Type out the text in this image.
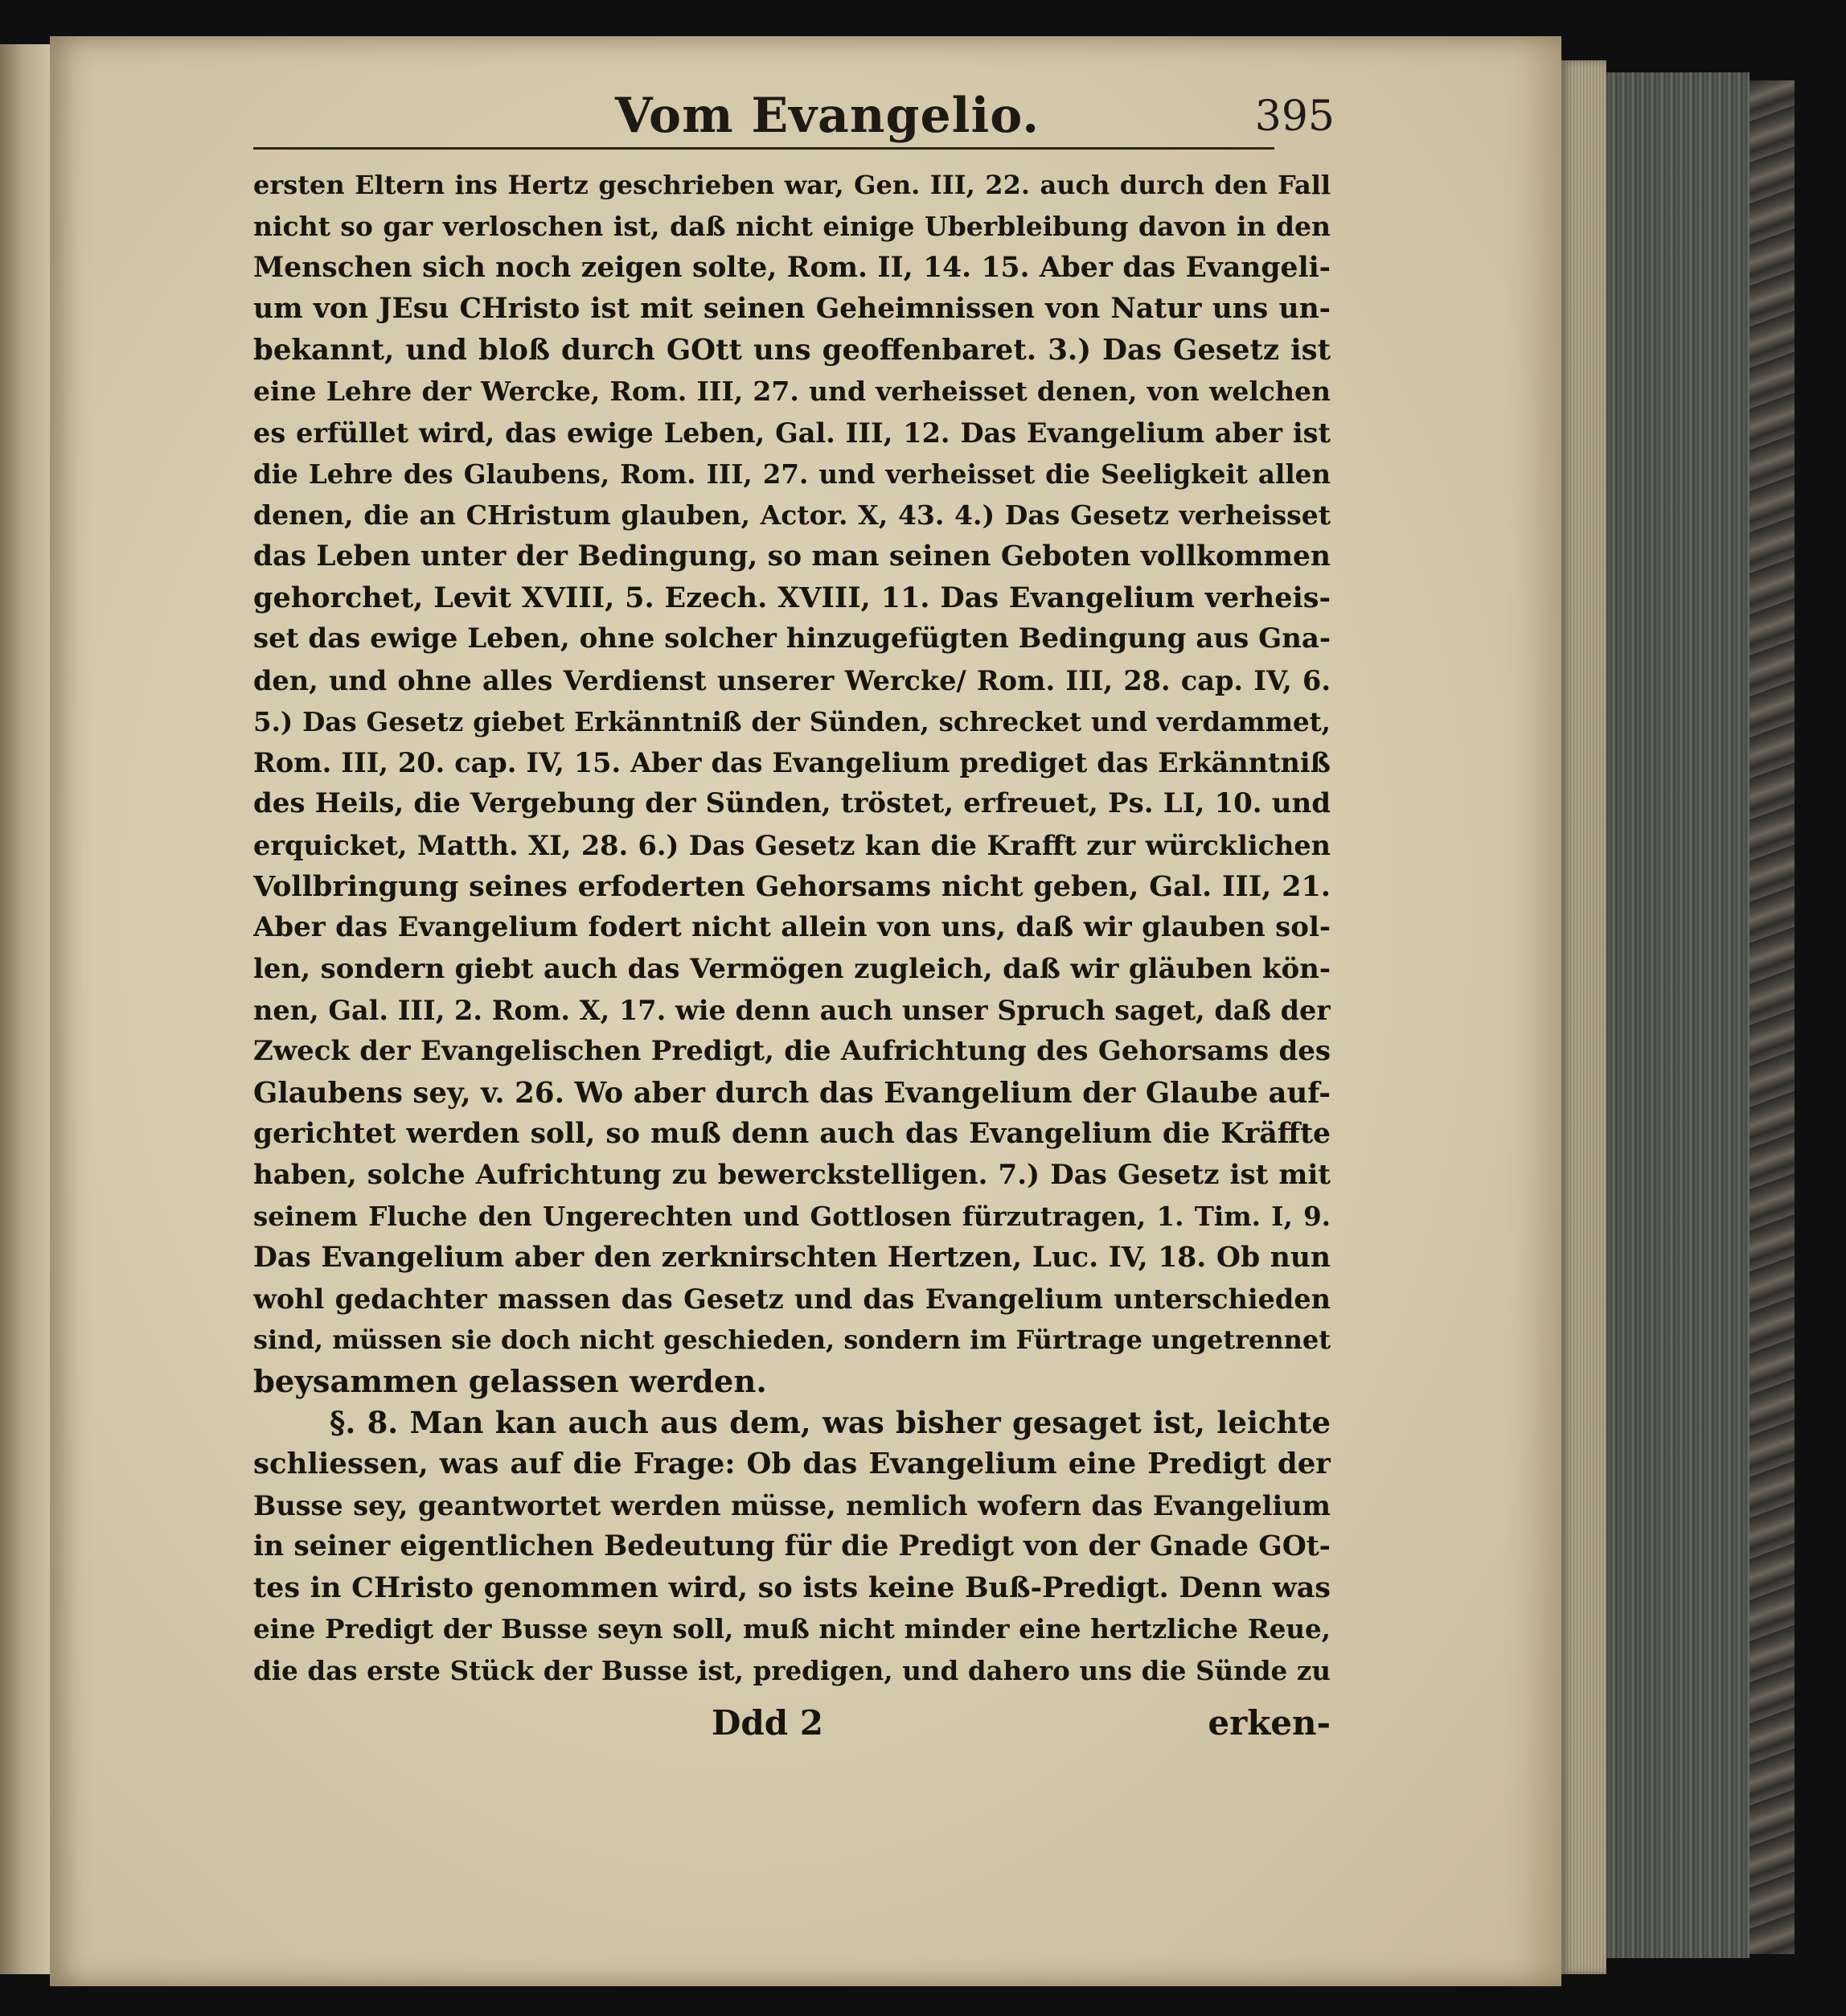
Vom Evangelio.	395
ersten Eltern ins Hertz geschrieben war, Gen. III, 22. auch durch den Fall
nicht so gar verloschen ist, daß nicht einige Uberbleibung davon in den
Menschen sich noch zeigen solte, Rom. II, 14. 15. Aber das Evangeli-
um von JEsu CHristo ist mit seinen Geheimnissen von Natur uns un-
bekannt, und bloß durch GOtt uns geoffenbaret. 3.) Das Gesetz ist
eine Lehre der Wercke, Rom. III, 27. und verheisset denen, von welchen
es erfüllet wird, das ewige Leben, Gal. III, 12. Das Evangelium aber ist
die Lehre des Glaubens, Rom. III, 27. und verheisset die Seeligkeit allen
denen, die an CHristum glauben, Actor. X, 43. 4.) Das Gesetz verheisset
das Leben unter der Bedingung, so man seinen Geboten vollkommen
gehorchet, Levit XVIII, 5. Ezech. XVIII, 11. Das Evangelium verheis-
set das ewige Leben, ohne solcher hinzugefügten Bedingung aus Gna-
den, und ohne alles Verdienst unserer Wercke/ Rom. III, 28. cap. IV, 6.
5.) Das Gesetz giebet Erkänntniß der Sünden, schrecket und verdammet,
Rom. III, 20. cap. IV, 15. Aber das Evangelium prediget das Erkänntniß
des Heils, die Vergebung der Sünden, tröstet, erfreuet, Ps. LI, 10. und
erquicket, Matth. XI, 28. 6.) Das Gesetz kan die Krafft zur würcklichen
Vollbringung seines erfoderten Gehorsams nicht geben, Gal. III, 21.
Aber das Evangelium fodert nicht allein von uns, daß wir glauben sol-
len, sondern giebt auch das Vermögen zugleich, daß wir gläuben kön-
nen, Gal. III, 2. Rom. X, 17. wie denn auch unser Spruch saget, daß der
Zweck der Evangelischen Predigt, die Aufrichtung des Gehorsams des
Glaubens sey, v. 26. Wo aber durch das Evangelium der Glaube auf-
gerichtet werden soll, so muß denn auch das Evangelium die Kräffte
haben, solche Aufrichtung zu bewerckstelligen. 7.) Das Gesetz ist mit
seinem Fluche den Ungerechten und Gottlosen fürzutragen, 1. Tim. I, 9.
Das Evangelium aber den zerknirschten Hertzen, Luc. IV, 18. Ob nun
wohl gedachter massen das Gesetz und das Evangelium unterschieden
sind, müssen sie doch nicht geschieden, sondern im Fürtrage ungetrennet
beysammen gelassen werden.
§. 8. Man kan auch aus dem, was bisher gesaget ist, leichte
schliessen, was auf die Frage: Ob das Evangelium eine Predigt der
Busse sey, geantwortet werden müsse, nemlich wofern das Evangelium
in seiner eigentlichen Bedeutung für die Predigt von der Gnade GOt-
tes in CHristo genommen wird, so ists keine Buß-Predigt. Denn was
eine Predigt der Busse seyn soll, muß nicht minder eine hertzliche Reue,
die das erste Stück der Busse ist, predigen, und dahero uns die Sünde zu
Ddd 2	erken-
